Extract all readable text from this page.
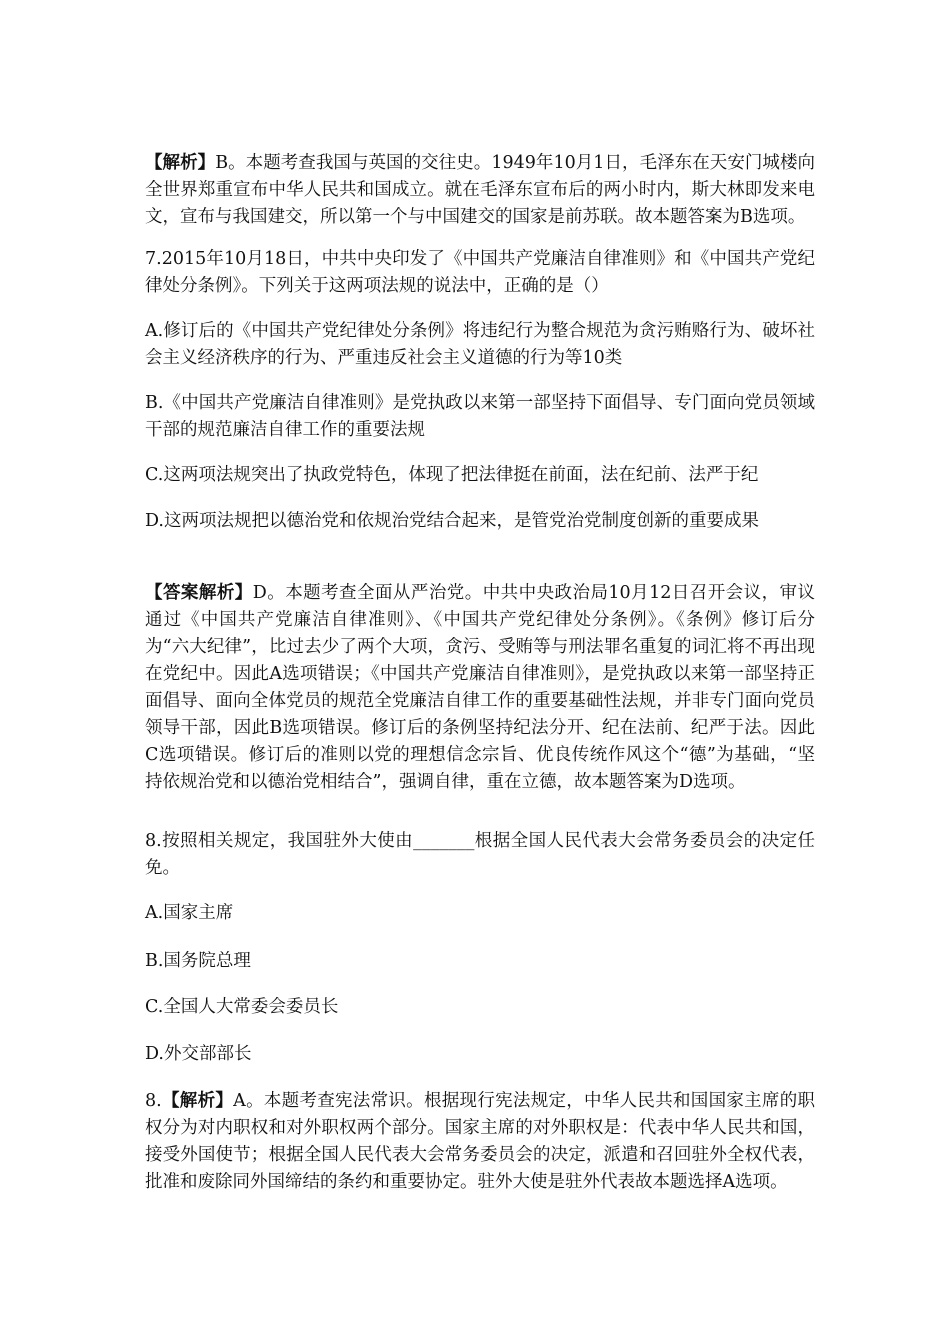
【解析】B。本题考查我国与英国的交往史。1949年10月1日，毛泽东在天安门城楼向全世界郑重宣布中华人民共和国成立。就在毛泽东宣布后的两小时内，斯大林即发来电文，宣布与我国建交，所以第一个与中国建交的国家是前苏联。故本题答案为B选项。

7.2015年10月18日，中共中央印发了《中国共产党廉洁自律准则》和《中国共产党纪律处分条例》。下列关于这两项法规的说法中，正确的是（）

A.修订后的《中国共产党纪律处分条例》将违纪行为整合规范为贪污贿赂行为、破坏社会主义经济秩序的行为、严重违反社会主义道德的行为等10类

B.《中国共产党廉洁自律准则》是党执政以来第一部坚持下面倡导、专门面向党员领域干部的规范廉洁自律工作的重要法规

C.这两项法规突出了执政党特色，体现了把法律挺在前面，法在纪前、法严于纪

D.这两项法规把以德治党和依规治党结合起来，是管党治党制度创新的重要成果

【答案解析】D。本题考查全面从严治党。中共中央政治局10月12日召开会议，审议通过《中国共产党廉洁自律准则》、《中国共产党纪律处分条例》。《条例》修订后分为“六大纪律”，比过去少了两个大项，贪污、受贿等与刑法罪名重复的词汇将不再出现在党纪中。因此A选项错误；《中国共产党廉洁自律准则》，是党执政以来第一部坚持正面倡导、面向全体党员的规范全党廉洁自律工作的重要基础性法规，并非专门面向党员领导干部，因此B选项错误。修订后的条例坚持纪法分开、纪在法前、纪严于法。因此C选项错误。修订后的准则以党的理想信念宗旨、优良传统作风这个“德”为基础，“坚持依规治党和以德治党相结合”，强调自律，重在立德，故本题答案为D选项。

8.按照相关规定，我国驻外大使由_______根据全国人民代表大会常务委员会的决定任免。

A.国家主席

B.国务院总理

C.全国人大常委会委员长

D.外交部部长

8.【解析】A。本题考查宪法常识。根据现行宪法规定，中华人民共和国国家主席的职权分为对内职权和对外职权两个部分。国家主席的对外职权是：代表中华人民共和国，接受外国使节；根据全国人民代表大会常务委员会的决定，派遣和召回驻外全权代表，批准和废除同外国缔结的条约和重要协定。驻外大使是驻外代表故本题选择A选项。
